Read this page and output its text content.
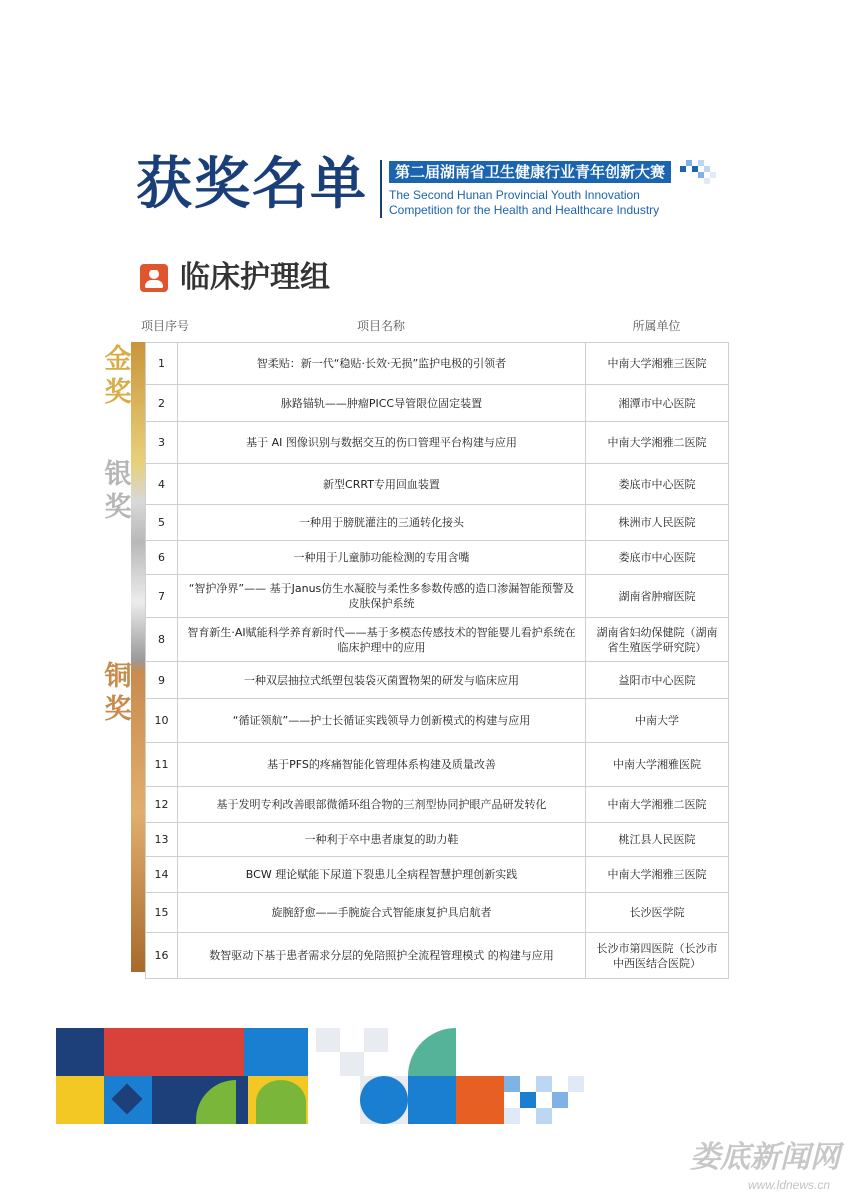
获奖名单	第二届湖南省卫生健康行业青年创新大赛
The Second Hunan Provincial Youth Innovation
Competition for the Health and Healthcare Industry
临床护理组
项目序号	项目名称	所属单位
金
奖
银
奖
铜
奖
1	智柔贴：新一代“稳贴·长效·无损”监护电极的引领者	中南大学湘雅三医院
2	脉路锚轨——肿瘤PICC导管限位固定装置	湘潭市中心医院
3	基于 AI 图像识别与数据交互的伤口管理平台构建与应用	中南大学湘雅二医院
4	新型CRRT专用回血装置	娄底市中心医院
5	一种用于膀胱灌注的三通转化接头	株洲市人民医院
6	一种用于儿童肺功能检测的专用含嘴	娄底市中心医院
7	“智护净界”—— 基于Janus仿生水凝胶与柔性多参数传感的造口渗漏智能预警及皮肤保护系统	湖南省肿瘤医院
8	智育新生·AI赋能科学养育新时代——基于多模态传感技术的智能婴儿看护系统在临床护理中的应用	湖南省妇幼保健院（湖南省生殖医学研究院）
9	一种双层抽拉式纸塑包装袋灭菌置物架的研发与临床应用	益阳市中心医院
10	“循证领航”——护士长循证实践领导力创新模式的构建与应用	中南大学
11	基于PFS的疼痛智能化管理体系构建及质量改善	中南大学湘雅医院
12	基于发明专利改善眼部微循环组合物的三剂型协同护眼产品研发转化	中南大学湘雅二医院
13	一种利于卒中患者康复的助力鞋	桃江县人民医院
14	BCW 理论赋能下尿道下裂患儿全病程智慧护理创新实践	中南大学湘雅三医院
15	旋腕舒愈——手腕旋合式智能康复护具启航者	长沙医学院
16	数智驱动下基于患者需求分层的免陪照护全流程管理模式 的构建与应用	长沙市第四医院（长沙市中西医结合医院）
娄底新闻网
www.ldnews.cn
